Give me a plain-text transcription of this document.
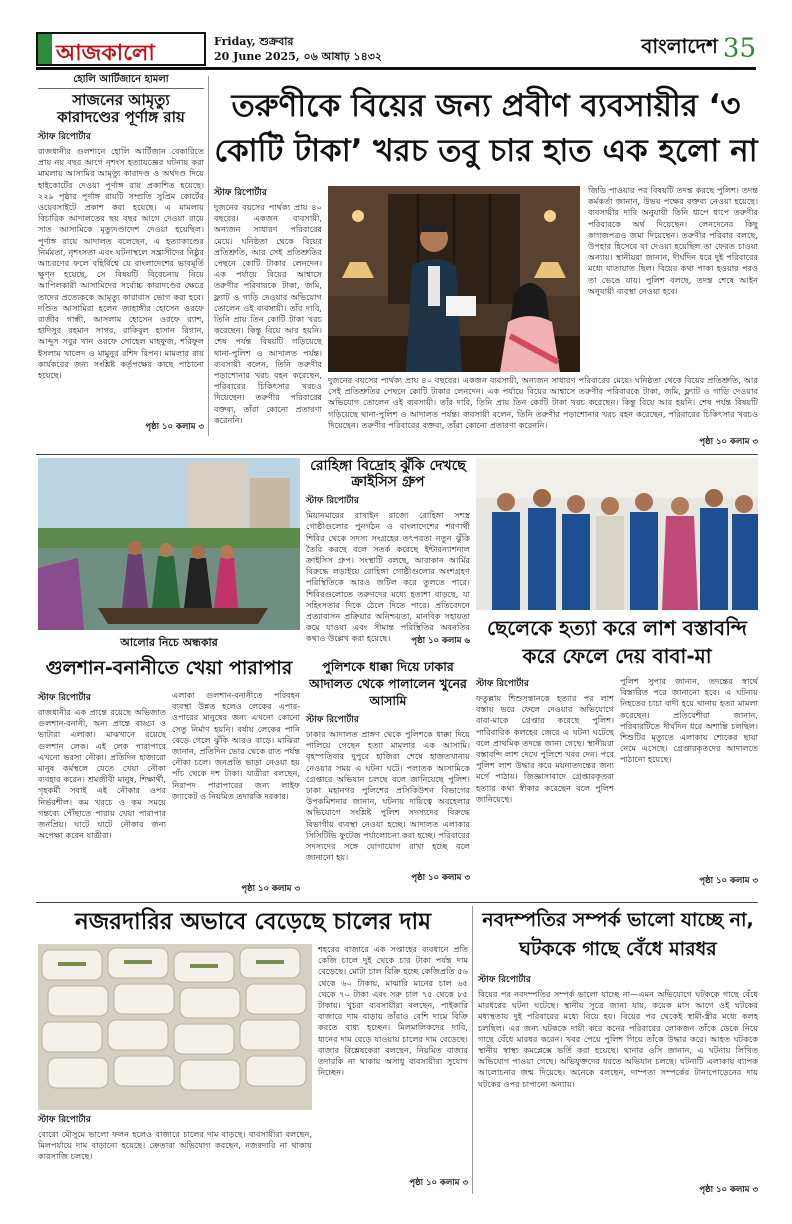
আজকালো	Friday, শুক্রবার
20 June 2025, ০৬ আষাঢ় ১৪৩২	বাংলাদেশ 35
হোলি আর্টিজানে হামলা
সাজনের আমৃত্যু
কারাদণ্ডের পূর্ণাঙ্গ রায়
স্টাফ রিপোর্টার
রাজধানীর গুলশানে হোলি আর্টিজান বেকারিতে প্রায় নয় বছর আগে নৃশংস হত্যাযজ্ঞের ঘটনায় করা মামলায় আসামির আমৃত্যু কারাদণ্ড ও অর্থদণ্ড দিয়ে হাইকোর্টের দেওয়া পূর্ণাঙ্গ রায় প্রকাশিত হয়েছে। ২২৯ পৃষ্ঠার পূর্ণাঙ্গ রায়টি সম্প্রতি সুপ্রিম কোর্টের ওয়েবসাইটে প্রকাশ করা হয়েছে। এ মামলায় বিচারিক আদালতের ছয় বছর আগে দেওয়া রায়ে সাত আসামিকে মৃত্যুদণ্ডাদেশ দেওয়া হয়েছিল। পূর্ণাঙ্গ রায়ে আদালত বলেছেন, এ হত্যাকাণ্ডের নির্মমতা, নৃশংসতা এবং ঘটনাস্থলে সন্ত্রাসীদের নিষ্ঠুর আচরণের ফলে বহির্বিশ্বে যে বাংলাদেশের ভাবমূর্তি ক্ষুণ্ন হয়েছে, সে বিষয়টি বিবেচনায় নিয়ে আপিলকারী আসামিদের সর্বোচ্চ কারাদণ্ডের ক্ষেত্রে তাদের প্রত্যেককে আমৃত্যু কারাবাস ভোগ করা হবে। দণ্ডিত আসামিরা হলেন জাহাঙ্গীর হোসেন ওরফে রাজীব গান্ধী, আসলাম হোসেন ওরফে র‌্যাশ, হাদিসুর রহমান সাগর, রাকিবুল হাসান রিগান, আব্দুস সবুর খান ওরফে সোহেল মাহফুজ, শরিফুল ইসলাম খালেদ ও মামুনুর রশিদ রিপন। মামলার রায় কার্যকরের জন্য সংশ্লিষ্ট কর্তৃপক্ষের কাছে পাঠানো হয়েছে।
পৃষ্ঠা ১০ কলাম ৩
তরুণীকে বিয়ের জন্য প্রবীণ ব্যবসায়ীর ‘৩ কোটি টাকা’ খরচ তবু চার হাত এক হলো না
স্টাফ রিপোর্টার
দুজনের বয়সের পার্থক্য প্রায় ৪০ বছরের। একজন ব্যবসায়ী, অন্যজন সাধারণ পরিবারের মেয়ে। ঘনিষ্ঠতা থেকে বিয়ের প্রতিশ্রুতি, আর সেই প্রতিশ্রুতির পেছনে কোটি টাকার লেনদেন। এক পর্যায়ে বিয়ের আশ্বাসে তরুণীর পরিবারকে টাকা, জমি, ফ্ল্যাট ও গাড়ি দেওয়ার অভিযোগ তোলেন ওই ব্যবসায়ী। তাঁর দাবি, তিনি প্রায় তিন কোটি টাকা খরচ করেছেন। কিন্তু বিয়ে আর হয়নি। শেষ পর্যন্ত বিষয়টি গড়িয়েছে থানা-পুলিশ ও আদালত পর্যন্ত। ব্যবসায়ী বলেন, তিনি তরুণীর পড়াশোনার খরচ বহন করেছেন, পরিবারের চিকিৎসার খরচও দিয়েছেন। তরুণীর পরিবারের বক্তব্য, তাঁরা কোনো প্রতারণা করেননি।
জিডি পাওয়ার পর বিষয়টি তদন্ত করছে পুলিশ। তদন্ত কর্মকর্তা জানান, উভয় পক্ষের বক্তব্য নেওয়া হয়েছে। ব্যবসায়ীর দাবি অনুযায়ী তিনি ধাপে ধাপে তরুণীর পরিবারকে অর্থ দিয়েছেন। লেনদেনের কিছু কাগজপত্রও জমা দিয়েছেন। তরুণীর পরিবার বলছে, উপহার হিসেবে যা দেওয়া হয়েছিল তা ফেরত চাওয়া অন্যায়। স্থানীয়রা জানান, দীর্ঘদিন ধরে দুই পরিবারের মধ্যে যাতায়াত ছিল। বিয়ের কথা পাকা হওয়ার পরও তা ভেঙে যায়। পুলিশ বলছে, তদন্ত শেষে আইন অনুযায়ী ব্যবস্থা নেওয়া হবে।
দুজনের বয়সের পার্থক্য প্রায় ৪০ বছরের। একজন ব্যবসায়ী, অন্যজন সাধারণ পরিবারের মেয়ে। ঘনিষ্ঠতা থেকে বিয়ের প্রতিশ্রুতি, আর সেই প্রতিশ্রুতির পেছনে কোটি টাকার লেনদেন। এক পর্যায়ে বিয়ের আশ্বাসে তরুণীর পরিবারকে টাকা, জমি, ফ্ল্যাট ও গাড়ি দেওয়ার অভিযোগ তোলেন ওই ব্যবসায়ী। তাঁর দাবি, তিনি প্রায় তিন কোটি টাকা খরচ করেছেন। কিন্তু বিয়ে আর হয়নি। শেষ পর্যন্ত বিষয়টি গড়িয়েছে থানা-পুলিশ ও আদালত পর্যন্ত। ব্যবসায়ী বলেন, তিনি তরুণীর পড়াশোনার খরচ বহন করেছেন, পরিবারের চিকিৎসার খরচও দিয়েছেন। তরুণীর পরিবারের বক্তব্য, তাঁরা কোনো প্রতারণা করেননি।
পৃষ্ঠা ১০ কলাম ৩
আলোর নিচে অন্ধকার
রোহিঙ্গা বিদ্রোহ ঝুঁকি দেখছে ক্রাইসিস গ্রুপ
স্টাফ রিপোর্টার
মিয়ানমারের রাখাইন রাজ্যে রোহিঙ্গা সশস্ত্র গোষ্ঠীগুলোর পুনর্গঠন ও বাংলাদেশের শরণার্থী শিবির থেকে সদস্য সংগ্রহের তৎপরতা নতুন ঝুঁকি তৈরি করছে বলে সতর্ক করেছে ইন্টারন্যাশনাল ক্রাইসিস গ্রুপ। সংস্থাটি বলছে, আরাকান আর্মির বিরুদ্ধে লড়াইয়ে রোহিঙ্গা গোষ্ঠীগুলোর অংশগ্রহণ পরিস্থিতিকে আরও জটিল করে তুলতে পারে। শিবিরগুলোতে তরুণদের মধ্যে হতাশা বাড়ছে, যা সহিংসতার দিকে ঠেলে দিতে পারে। প্রতিবেদনে প্রত্যাবাসন প্রক্রিয়ার অনিশ্চয়তা, মানবিক সহায়তা কমে যাওয়া এবং সীমান্ত পরিস্থিতির অবনতির কথাও উল্লেখ করা হয়েছে।	পৃষ্ঠা ১০ কলাম ৬
ছেলেকে হত্যা করে লাশ বস্তাবন্দি করে ফেলে দেয় বাবা-মা
গুলশান-বনানীতে খেয়া পারাপার
স্টাফ রিপোর্টার
রাজধানীর এক প্রান্তে রয়েছে অভিজাত গুলশান-বনানী, অন্য প্রান্তে বাড্ডা ও ভাটারা এলাকা। মাঝখানে রয়েছে গুলশান লেক। এই লেক পারাপারে এখনো ভরসা নৌকা। প্রতিদিন হাজারো মানুষ কর্মস্থলে যেতে খেয়া নৌকা ব্যবহার করেন। শ্রমজীবী মানুষ, শিক্ষার্থী, গৃহকর্মী সবাই এই নৌকার ওপর নির্ভরশীল। কম খরচে ও কম সময়ে গন্তব্যে পৌঁছাতে পারায় খেয়া পারাপার জনপ্রিয়। ঘাটে ঘাটে নৌকার জন্য অপেক্ষা করেন যাত্রীরা।
এলাকা গুলশান-বনানীতে পরিবহন ব্যবস্থা উন্নত হলেও লেকের এপার-ওপারের মানুষের জন্য এখনো কোনো সেতু নির্মাণ হয়নি। বর্ষায় লেকের পানি বেড়ে গেলে ঝুঁকি আরও বাড়ে। মাঝিরা জানান, প্রতিদিন ভোর থেকে রাত পর্যন্ত নৌকা চলে। জনপ্রতি ভাড়া নেওয়া হয় পাঁচ থেকে দশ টাকা। যাত্রীরা বলছেন, নিরাপদ পারাপারের জন্য লাইফ জ্যাকেট ও নিয়মিত তদারকি দরকার।
পৃষ্ঠা ১০ কলাম ৩
পুলিশকে ধাক্কা দিয়ে ঢাকার আদালত থেকে পালালেন খুনের আসামি
স্টাফ রিপোর্টার
ঢাকার আদালত প্রাঙ্গণ থেকে পুলিশকে ধাক্কা দিয়ে পালিয়ে গেছেন হত্যা মামলার এক আসামি। বৃহস্পতিবার দুপুরে হাজিরা শেষে হাজতখানায় নেওয়ার সময় এ ঘটনা ঘটে। পলাতক আসামিকে গ্রেপ্তারে অভিযান চলছে বলে জানিয়েছে পুলিশ। ঢাকা মহানগর পুলিশের প্রসিকিউশন বিভাগের উপকমিশনার জানান, ঘটনায় দায়িত্বে অবহেলার অভিযোগে সংশ্লিষ্ট পুলিশ সদস্যদের বিরুদ্ধে বিভাগীয় ব্যবস্থা নেওয়া হচ্ছে। আদালত এলাকার সিসিটিভি ফুটেজ পর্যালোচনা করা হচ্ছে। পরিবারের সদস্যদের সঙ্গে যোগাযোগ রাখা হচ্ছে বলে জানানো হয়।
পৃষ্ঠা ১০ কলাম ৩
স্টাফ রিপোর্টার
ফতুল্লায় শিশুসন্তানকে হত্যার পর লাশ বস্তায় ভরে ফেলে দেওয়ার অভিযোগে বাবা-মাকে গ্রেপ্তার করেছে পুলিশ। পারিবারিক কলহের জেরে এ ঘটনা ঘটেছে বলে প্রাথমিক তদন্তে জানা গেছে। স্থানীয়রা বস্তাবন্দি লাশ দেখে পুলিশে খবর দেন। পরে পুলিশ লাশ উদ্ধার করে ময়নাতদন্তের জন্য মর্গে পাঠায়। জিজ্ঞাসাবাদে গ্রেপ্তারকৃতরা হত্যার কথা স্বীকার করেছেন বলে পুলিশ জানিয়েছে।
পুলিশ সুপার জানান, তদন্তের স্বার্থে বিস্তারিত পরে জানানো হবে। এ ঘটনায় নিহতের চাচা বাদী হয়ে থানায় হত্যা মামলা করেছেন। প্রতিবেশীরা জানান, পরিবারটিতে দীর্ঘদিন ধরে অশান্তি চলছিল। শিশুটির মৃত্যুতে এলাকায় শোকের ছায়া নেমে এসেছে। গ্রেপ্তারকৃতদের আদালতে পাঠানো হয়েছে।
পৃষ্ঠা ১০ কলাম ৩
নজরদারির অভাবে বেড়েছে চালের দাম
স্টাফ রিপোর্টার
বোরো মৌসুমে ভালো ফলন হলেও বাজারে চালের দাম বাড়ছে। ব্যবসায়ীরা বলছেন, মিলপর্যায়ে দাম বাড়ানো হয়েছে। ক্রেতারা অভিযোগ করছেন, নজরদারি না থাকায় কারসাজি চলছে।
শহরের বাজারে এক সপ্তাহের ব্যবধানে প্রতি কেজি চালে দুই থেকে চার টাকা পর্যন্ত দাম বেড়েছে। মোটা চাল বিক্রি হচ্ছে কেজিপ্রতি ৫৬ থেকে ৬০ টাকায়, মাঝারি মানের চাল ৬৫ থেকে ৭০ টাকা এবং সরু চাল ৭৫ থেকে ৮৫ টাকায়। খুচরা ব্যবসায়ীরা বলছেন, পাইকারি বাজারে দাম বাড়ায় তাঁরাও বেশি দামে বিক্রি করতে বাধ্য হচ্ছেন। মিলমালিকদের দাবি, ধানের দাম বেড়ে যাওয়ায় চালের দাম বেড়েছে। বাজার বিশ্লেষকেরা বলছেন, নিয়মিত বাজার তদারকি না থাকায় অসাধু ব্যবসায়ীরা সুযোগ নিচ্ছেন।
পৃষ্ঠা ১০ কলাম ৩
নবদম্পতির সম্পর্ক ভালো যাচ্ছে না, ঘটককে গাছে বেঁধে মারধর
স্টাফ রিপোর্টার
বিয়ের পর নবদম্পতির সম্পর্ক ভালো যাচ্ছে না—এমন অভিযোগে ঘটককে গাছে বেঁধে মারধরের ঘটনা ঘটেছে। স্থানীয় সূত্রে জানা যায়, কয়েক মাস আগে ওই ঘটকের মধ্যস্থতায় দুই পরিবারের মধ্যে বিয়ে হয়। বিয়ের পর থেকেই স্বামী-স্ত্রীর মধ্যে কলহ চলছিল। এর জন্য ঘটককে দায়ী করে কনের পরিবারের লোকজন তাঁকে ডেকে নিয়ে গাছে বেঁধে মারধর করেন। খবর পেয়ে পুলিশ গিয়ে তাঁকে উদ্ধার করে। আহত ঘটককে স্থানীয় স্বাস্থ্য কমপ্লেক্সে ভর্তি করা হয়েছে। থানার ওসি জানান, এ ঘটনায় লিখিত অভিযোগ পাওয়া গেছে। অভিযুক্তদের ধরতে অভিযান চলছে। ঘটনাটি এলাকায় ব্যাপক আলোচনার জন্ম দিয়েছে। অনেকে বলছেন, দাম্পত্য সম্পর্কের টানাপোড়েনের দায় ঘটকের ওপর চাপানো অন্যায়।
পৃষ্ঠা ১০ কলাম ৩
